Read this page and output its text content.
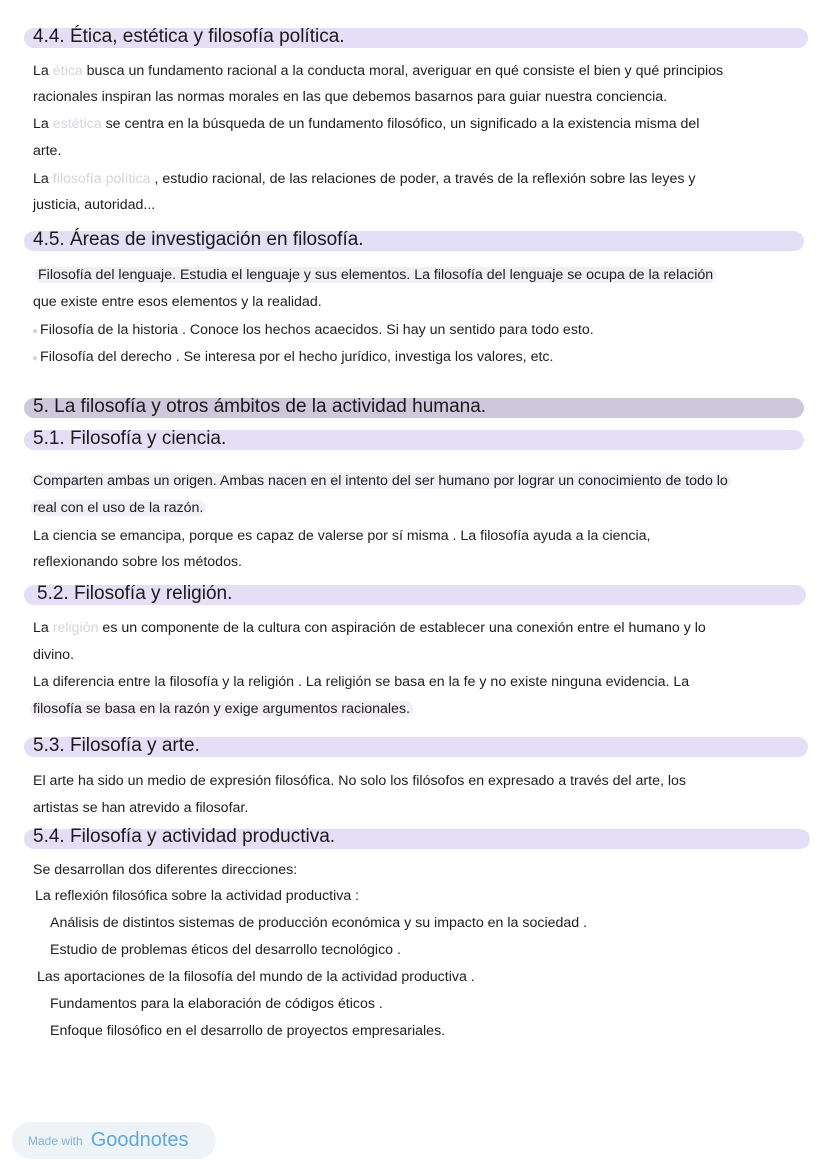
4.4. Ética, estética y filosofía política.
La ética busca un fundamento racional a la conducta moral, averiguar en qué consiste el bien y qué principios
racionales inspiran las normas morales en las que debemos basarnos para guiar nuestra conciencia.
La estética se centra en la búsqueda de un fundamento filosófico, un significado a la existencia misma del
arte.
La filosofía política , estudio racional, de las relaciones de poder, a través de la reflexión sobre las leyes y
justicia, autoridad...
4.5. Áreas de investigación en filosofía.
Filosofía del lenguaje. Estudia el lenguaje y sus elementos. La filosofía del lenguaje se ocupa de la relación
que existe entre esos elementos y la realidad.
● Filosofía de la historia . Conoce los hechos acaecidos. Si hay un sentido para todo esto.
● Filosofía del derecho . Se interesa por el hecho jurídico, investiga los valores, etc.
5. La filosofía y otros ámbitos de la actividad humana.
5.1. Filosofía y ciencia.
Comparten ambas un origen. Ambas nacen en el intento del ser humano por lograr un conocimiento de todo lo
real con el uso de la razón.
La ciencia se emancipa, porque es capaz de valerse por sí misma . La filosofía ayuda a la ciencia,
reflexionando sobre los métodos.
5.2. Filosofía y religión.
La religión es un componente de la cultura con aspiración de establecer una conexión entre el humano y lo
divino.
La diferencia entre la filosofía y la religión . La religión se basa en la fe y no existe ninguna evidencia. La
filosofía se basa en la razón y exige argumentos racionales.
5.3. Filosofía y arte.
El arte ha sido un medio de expresión filosófica. No solo los filósofos en expresado a través del arte, los
artistas se han atrevido a filosofar.
5.4. Filosofía y actividad productiva.
Se desarrollan dos diferentes direcciones:
La reflexión filosófica sobre la actividad productiva :
Análisis de distintos sistemas de producción económica y su impacto en la sociedad .
Estudio de problemas éticos del desarrollo tecnológico .
Las aportaciones de la filosofía del mundo de la actividad productiva .
Fundamentos para la elaboración de códigos éticos .
Enfoque filosófico en el desarrollo de proyectos empresariales.
Made with Goodnotes
